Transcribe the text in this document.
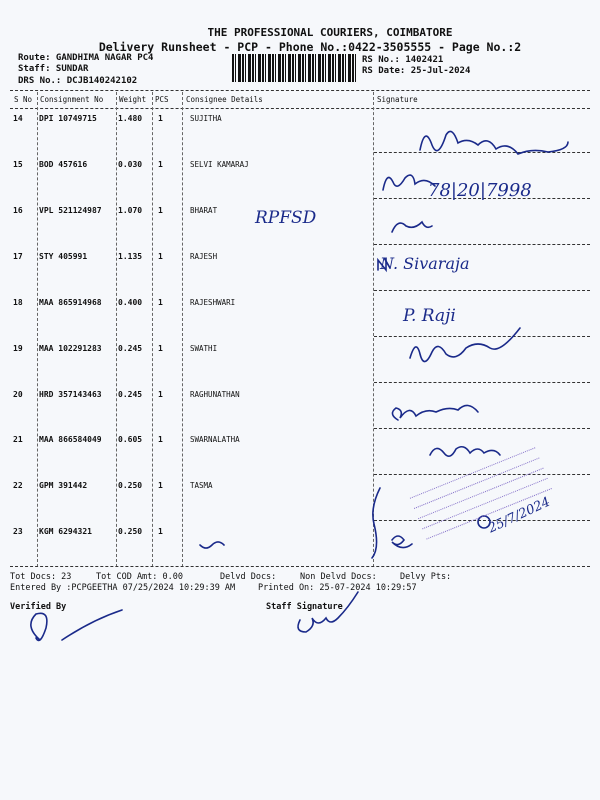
THE PROFESSIONAL COURIERS, COIMBATORE
Delivery Runsheet - PCP - Phone No.:0422-3505555 - Page No.:2
Route: GANDHIMA NAGAR PC4
Staff: SUNDAR
DRS No.: DCJB140242102
RS No.: 1402421
RS Date: 25-Jul-2024
S No Consignment No Weight PCS Consignee Details	Signature
14 DPI 10749715	1.480 1	SUJITHA
15 BOD 457616	0.030 1	SELVI KAMARAJ
16 VPL 521124987 1.070 1	BHARAT
17 STY 405991	1.135 1	RAJESH
18 MAA 865914968 0.400 1	RAJESHWARI
19 MAA 102291283 0.245 1	SWATHI
20 HRD 357143463 0.245 1	RAGHUNATHAN
21 MAA 866584049 0.605 1	SWARNALATHA
22 GPM 391442	0.250 1	TASMA
23 KGM 6294321	0.250 1
RPFSD
N. Sivaraja
P. Raji
78|20|7998
25/7/2024
Tot Docs: 23	Tot COD Amt: 0.00	Delvd Docs:	Non Delvd Docs:	Delvy Pts:
Entered By :PCPGEETHA 07/25/2024 10:29:39 AM	Printed On: 25-07-2024 10:29:57
Verified By	Staff Signature
